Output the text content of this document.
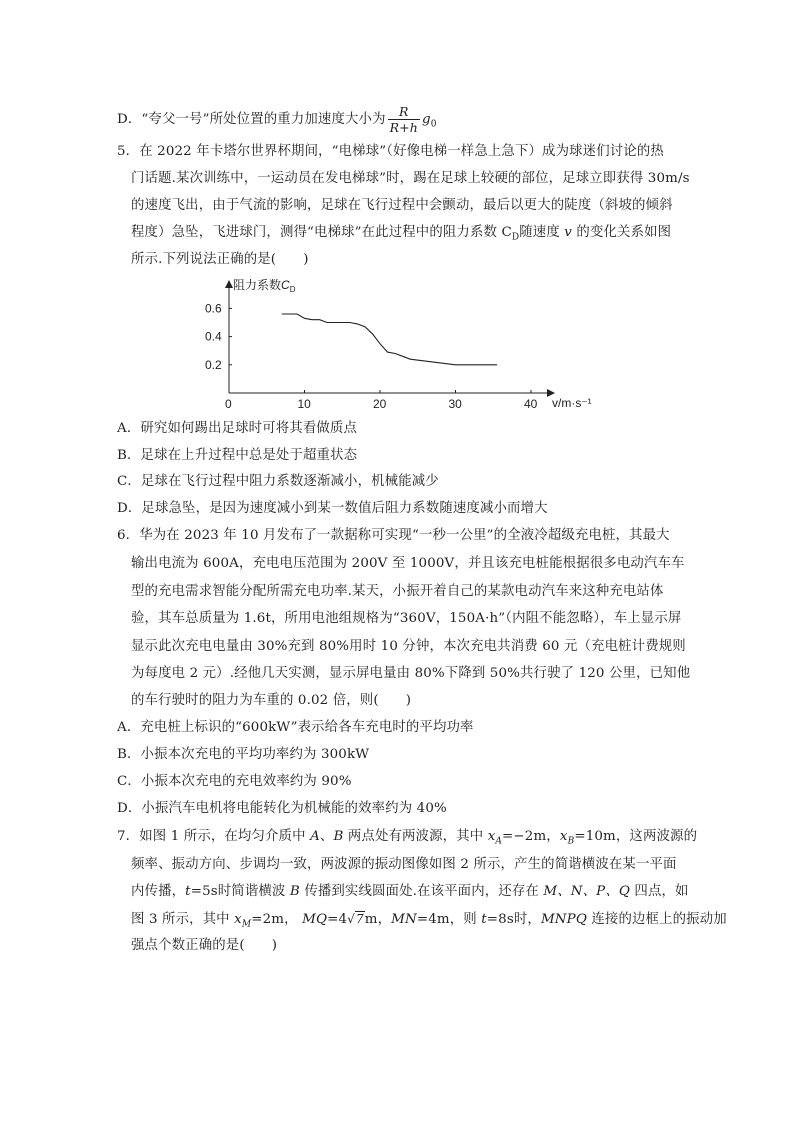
D．“夸父一号”所处位置的重力加速度大小为 $\frac{R}{R+h} g_0$
5．在 2022 年卡塔尔世界杯期间，“电梯球”（好像电梯一样急上急下）成为球迷们讨论的热
门话题.某次训练中，一运动员在发电梯球”时，踢在足球上较硬的部位，足球立即获得 30m/s
的速度飞出，由于气流的影响，足球在飞行过程中会颤动，最后以更大的陡度（斜坡的倾斜
程度）急坠，飞进球门，测得“电梯球”在此过程中的阻力系数 $C_D$随速度 v 的变化关系如图
所示.下列说法正确的是(　　)
阻力系数$C_D$
v/m·s⁻¹
0	10	20	30	40
0.2
0.4
0.6
A．研究如何踢出足球时可将其看做质点
B．足球在上升过程中总是处于超重状态
C．足球在飞行过程中阻力系数逐渐减小，机械能减少
D．足球急坠，是因为速度减小到某一数值后阻力系数随速度减小而增大
6．华为在 2023 年 10 月发布了一款据称可实现“一秒一公里”的全液冷超级充电桩，其最大
输出电流为 600A，充电电压范围为 200V 至 1000V，并且该充电桩能根据很多电动汽车车
型的充电需求智能分配所需充电功率.某天，小振开着自己的某款电动汽车来这种充电站体
验，其车总质量为 1.6t，所用电池组规格为“360V，150A·h”（内阻不能忽略），车上显示屏
显示此次充电电量由 30%充到 80%用时 10 分钟，本次充电共消费 60 元（充电桩计费规则
为每度电 2 元）.经他几天实测，显示屏电量由 80%下降到 50%共行驶了 120 公里，已知他
的车行驶时的阻力为车重的 0.02 倍，则(　　)
A．充电桩上标识的“600kW”表示给各车充电时的平均功率
B．小振本次充电的平均功率约为 300kW
C．小振本次充电的充电效率约为 90%
D．小振汽车电机将电能转化为机械能的效率约为 40%
7．如图 1 所示，在均匀介质中 A、B 两点处有两波源，其中 $x_A=-2m$，$x_B=10m$，这两波源的
频率、振动方向、步调均一致，两波源的振动图像如图 2 所示，产生的简谐横波在某一平面
内传播，t=5s时简谐横波 B 传播到实线圆面处.在该平面内，还存在 M、N、P、Q 四点，如
图 3 所示，其中 $x_M=2m$， MQ=4√7m，MN=4m，则 t=8s时，MNPQ 连接的边框上的振动加
强点个数正确的是(　　)
